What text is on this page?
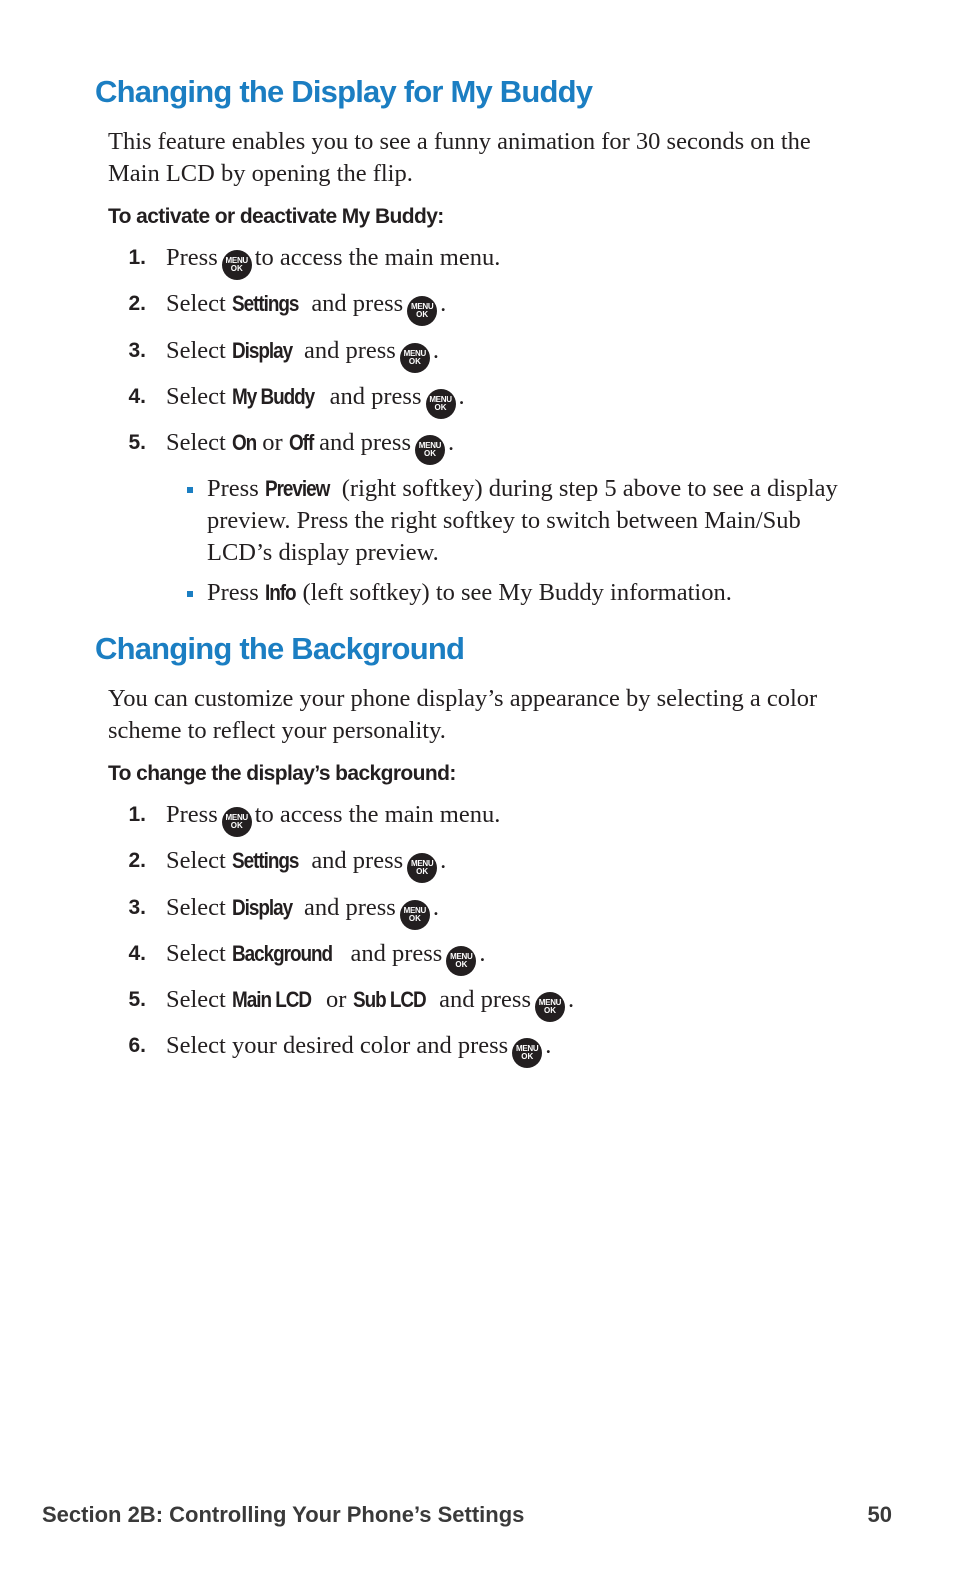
Changing the Display for My Buddy

This feature enables you to see a funny animation for 30 seconds on the Main LCD by opening the flip.

To activate or deactivate My Buddy:
1. Press MENU
OK to access the main menu.
2. Select Settings and press MENU
OK .
3. Select Display and press MENU
OK .
4. Select My Buddy and press MENU
OK .
5. Select On or Off and press MENU
OK .
Press Preview (right softkey) during step 5 above to see a display preview. Press the right softkey to switch between Main/Sub LCD’s display preview.
Press Info (left softkey) to see My Buddy information.
Changing the Background

You can customize your phone display’s appearance by selecting a color scheme to reflect your personality.

To change the display’s background:
1. Press MENU
OK to access the main menu.
2. Select Settings and press MENU
OK .
3. Select Display and press MENU
OK .
4. Select Background and press MENU
OK .
5. Select Main LCD or Sub LCD and press MENU
OK .
6. Select your desired color and press MENU
OK .
Section 2B: Controlling Your Phone’s Settings	50
